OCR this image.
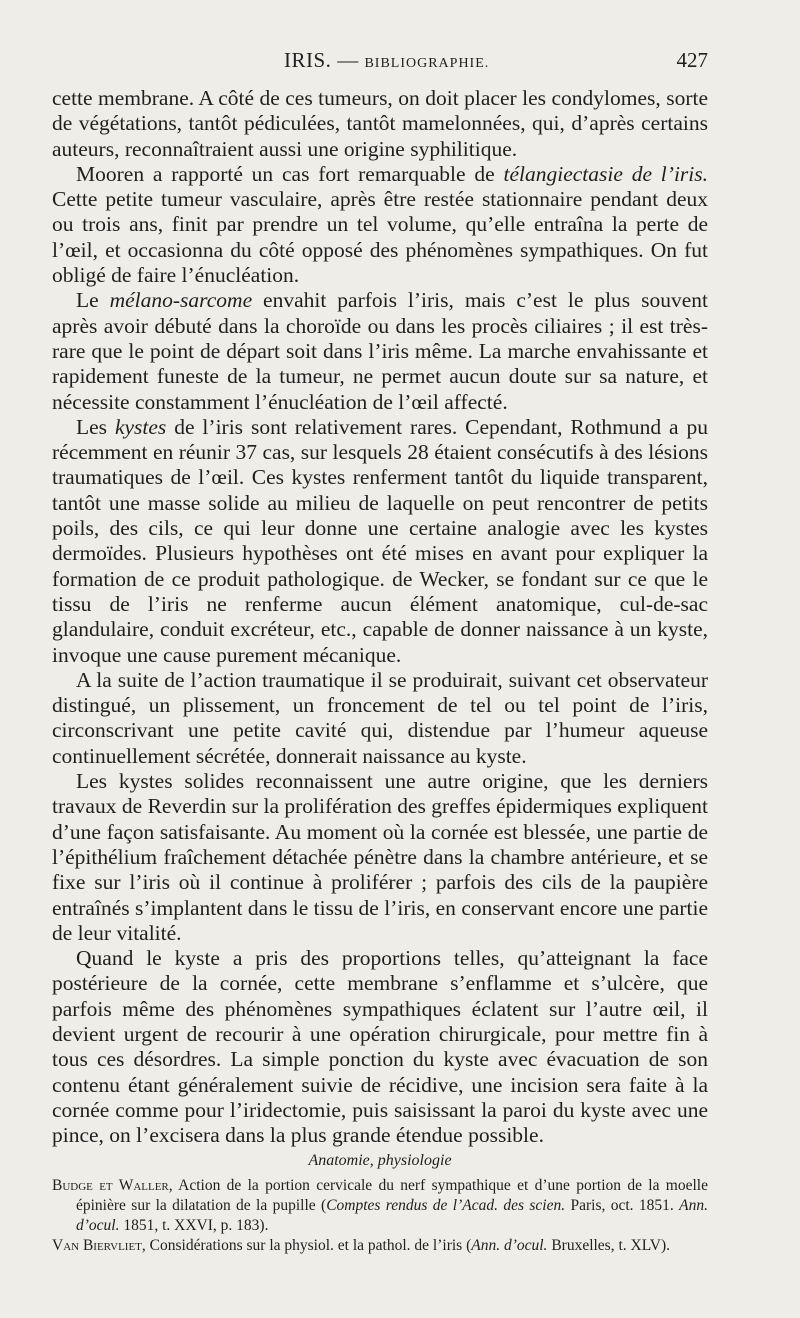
IRIS. — BIBLIOGRAPHIE.	427

cette membrane. A côté de ces tumeurs, on doit placer les condylomes, sorte de végétations, tantôt pédiculées, tantôt mamelonnées, qui, d’après certains auteurs, reconnaîtraient aussi une origine syphilitique.

Mooren a rapporté un cas fort remarquable de télangiectasie de l’iris. Cette petite tumeur vasculaire, après être restée stationnaire pendant deux ou trois ans, finit par prendre un tel volume, qu’elle entraîna la perte de l’œil, et occasionna du côté opposé des phénomènes sympathiques. On fut obligé de faire l’énucléation.

Le mélano-sarcome envahit parfois l’iris, mais c’est le plus souvent après avoir débuté dans la choroïde ou dans les procès ciliaires ; il est très-rare que le point de départ soit dans l’iris même. La marche envahissante et rapidement funeste de la tumeur, ne permet aucun doute sur sa nature, et nécessite constamment l’énucléation de l’œil affecté.

Les kystes de l’iris sont relativement rares. Cependant, Rothmund a pu récemment en réunir 37 cas, sur lesquels 28 étaient consécutifs à des lésions traumatiques de l’œil. Ces kystes renferment tantôt du liquide transparent, tantôt une masse solide au milieu de laquelle on peut rencontrer de petits poils, des cils, ce qui leur donne une certaine analogie avec les kystes dermoïdes. Plusieurs hypothèses ont été mises en avant pour expliquer la formation de ce produit pathologique. de Wecker, se fondant sur ce que le tissu de l’iris ne renferme aucun élément anatomique, cul-de-sac glandulaire, conduit excréteur, etc., capable de donner naissance à un kyste, invoque une cause purement mécanique.

A la suite de l’action traumatique il se produirait, suivant cet observateur distingué, un plissement, un froncement de tel ou tel point de l’iris, circonscrivant une petite cavité qui, distendue par l’humeur aqueuse continuellement sécrétée, donnerait naissance au kyste.

Les kystes solides reconnaissent une autre origine, que les derniers travaux de Reverdin sur la prolifération des greffes épidermiques expliquent d’une façon satisfaisante. Au moment où la cornée est blessée, une partie de l’épithélium fraîchement détachée pénètre dans la chambre antérieure, et se fixe sur l’iris où il continue à proliférer ; parfois des cils de la paupière entraînés s’implantent dans le tissu de l’iris, en conservant encore une partie de leur vitalité.

Quand le kyste a pris des proportions telles, qu’atteignant la face postérieure de la cornée, cette membrane s’enflamme et s’ulcère, que parfois même des phénomènes sympathiques éclatent sur l’autre œil, il devient urgent de recourir à une opération chirurgicale, pour mettre fin à tous ces désordres. La simple ponction du kyste avec évacuation de son contenu étant généralement suivie de récidive, une incision sera faite à la cornée comme pour l’iridectomie, puis saisissant la paroi du kyste avec une pince, on l’excisera dans la plus grande étendue possible.

Anatomie, physiologie

Budge et Waller, Action de la portion cervicale du nerf sympathique et d’une portion de la moelle épinière sur la dilatation de la pupille (Comptes rendus de l’Acad. des scien. Paris, oct. 1851. Ann. d’ocul. 1851, t. XXVI, p. 183).

Van Biervliet, Considérations sur la physiol. et la pathol. de l’iris (Ann. d’ocul. Bruxelles, t. XLV).
